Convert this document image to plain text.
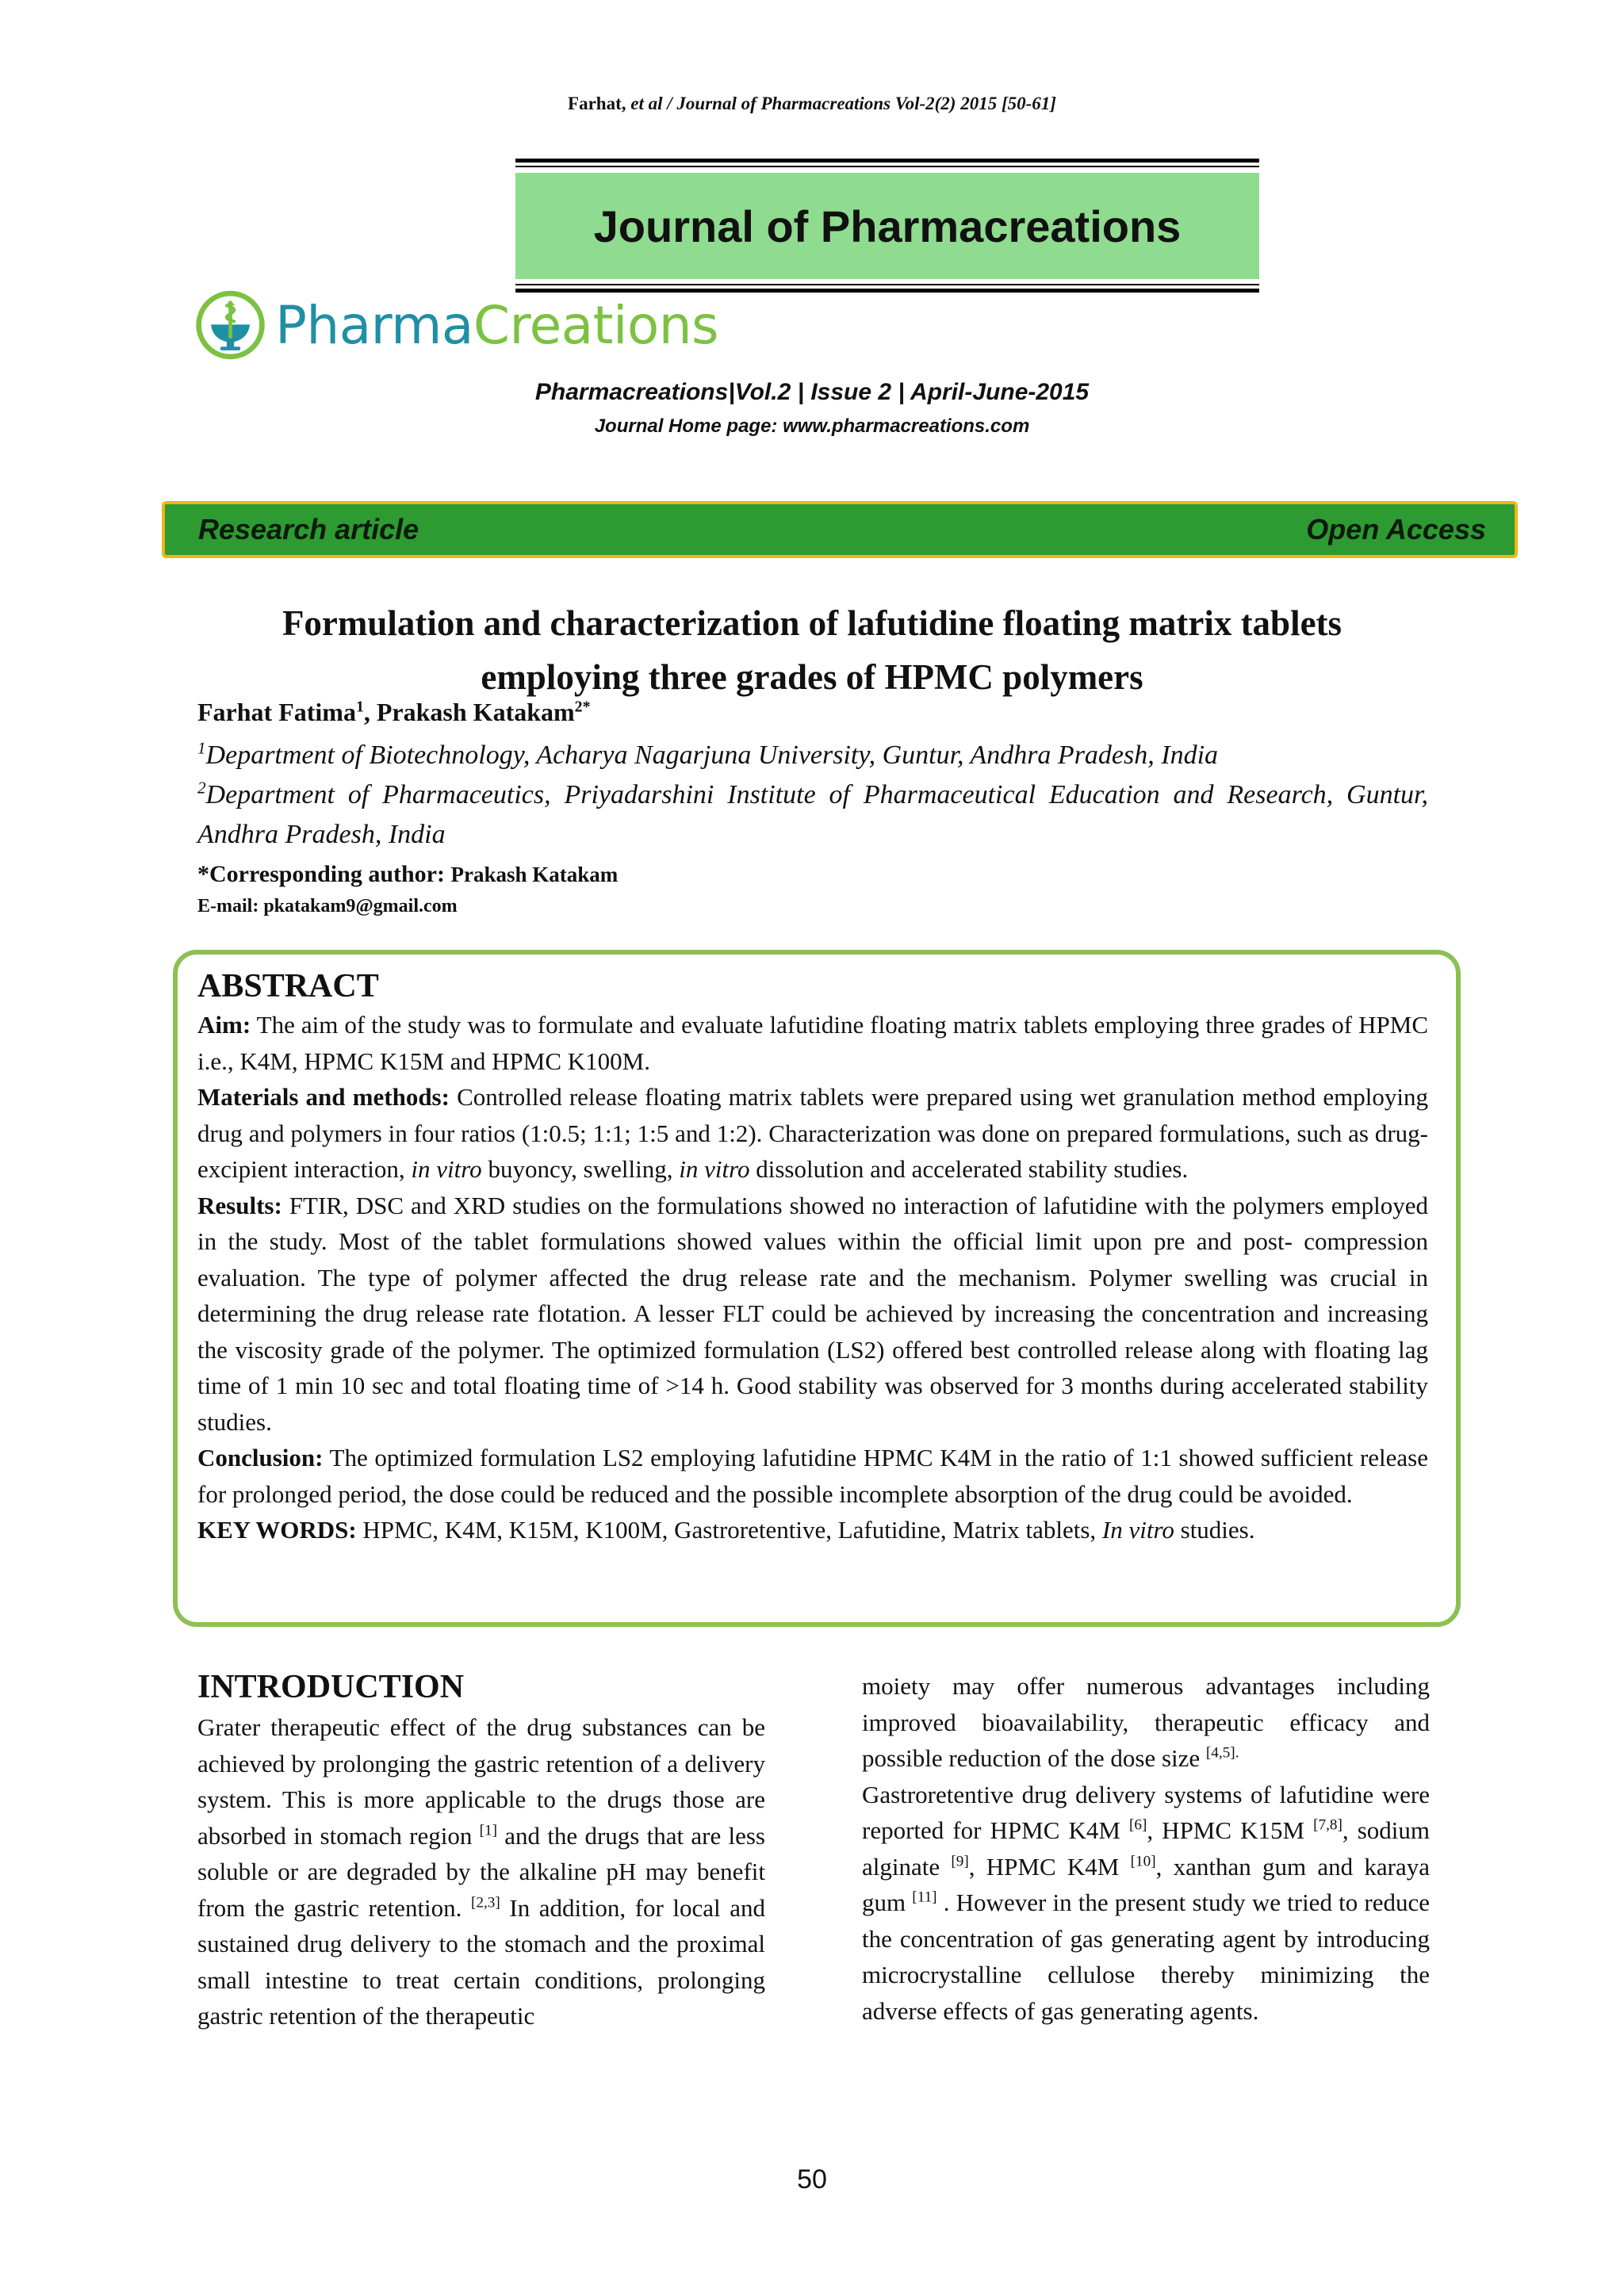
Farhat, et al / Journal of Pharmacreations Vol-2(2) 2015 [50-61]
Journal of Pharmacreations
PharmaCreations
Pharmacreations|Vol.2 | Issue 2 | April-June-2015
Journal Home page: www.pharmacreations.com
Research article	Open Access
Formulation and characterization of lafutidine floating matrix tablets
employing three grades of HPMC polymers
Farhat Fatima$^1$, Prakash Katakam$^{2*}$
$^1$Department of Biotechnology, Acharya Nagarjuna University, Guntur, Andhra Pradesh, India
$^2$Department of Pharmaceutics, Priyadarshini Institute of Pharmaceutical Education and Research, Guntur, Andhra Pradesh, India
*Corresponding author: Prakash Katakam
E-mail: pkatakam9@gmail.com
ABSTRACT

Aim: The aim of the study was to formulate and evaluate lafutidine floating matrix tablets employing three grades of HPMC i.e., K4M, HPMC K15M and HPMC K100M.

Materials and methods: Controlled release floating matrix tablets were prepared using wet granulation method employing drug and polymers in four ratios (1:0.5; 1:1; 1:5 and 1:2). Characterization was done on prepared formulations, such as drug-excipient interaction, in vitro buyoncy, swelling, in vitro dissolution and accelerated stability studies.

Results: FTIR, DSC and XRD studies on the formulations showed no interaction of lafutidine with the polymers employed in the study. Most of the tablet formulations showed values within the official limit upon pre and post- compression evaluation. The type of polymer affected the drug release rate and the mechanism. Polymer swelling was crucial in determining the drug release rate flotation. A lesser FLT could be achieved by increasing the concentration and increasing the viscosity grade of the polymer. The optimized formulation (LS2) offered best controlled release along with floating lag time of 1 min 10 sec and total floating time of >14 h. Good stability was observed for 3 months during accelerated stability studies.

Conclusion: The optimized formulation LS2 employing lafutidine HPMC K4M in the ratio of 1:1 showed sufficient release for prolonged period, the dose could be reduced and the possible incomplete absorption of the drug could be avoided.

KEY WORDS: HPMC, K4M, K15M, K100M, Gastroretentive, Lafutidine, Matrix tablets, In vitro studies.

INTRODUCTION

Grater therapeutic effect of the drug substances can be achieved by prolonging the gastric retention of a delivery system. This is more applicable to the drugs those are absorbed in stomach region [1] and the drugs that are less soluble or are degraded by the alkaline pH may benefit from the gastric retention. [2,3] In addition, for local and sustained drug delivery to the stomach and the proximal small intestine to treat certain conditions, prolonging gastric retention of the therapeutic

moiety may offer numerous advantages including improved bioavailability, therapeutic efficacy and possible reduction of the dose size $^{[4,5].}$

Gastroretentive drug delivery systems of lafutidine were reported for HPMC K4M [6], HPMC K15M [7,8], sodium alginate [9], HPMC K4M [10], xanthan gum and karaya gum [11] . However in the present study we tried to reduce the concentration of gas generating agent by introducing microcrystalline cellulose thereby minimizing the adverse effects of gas generating agents.

50
